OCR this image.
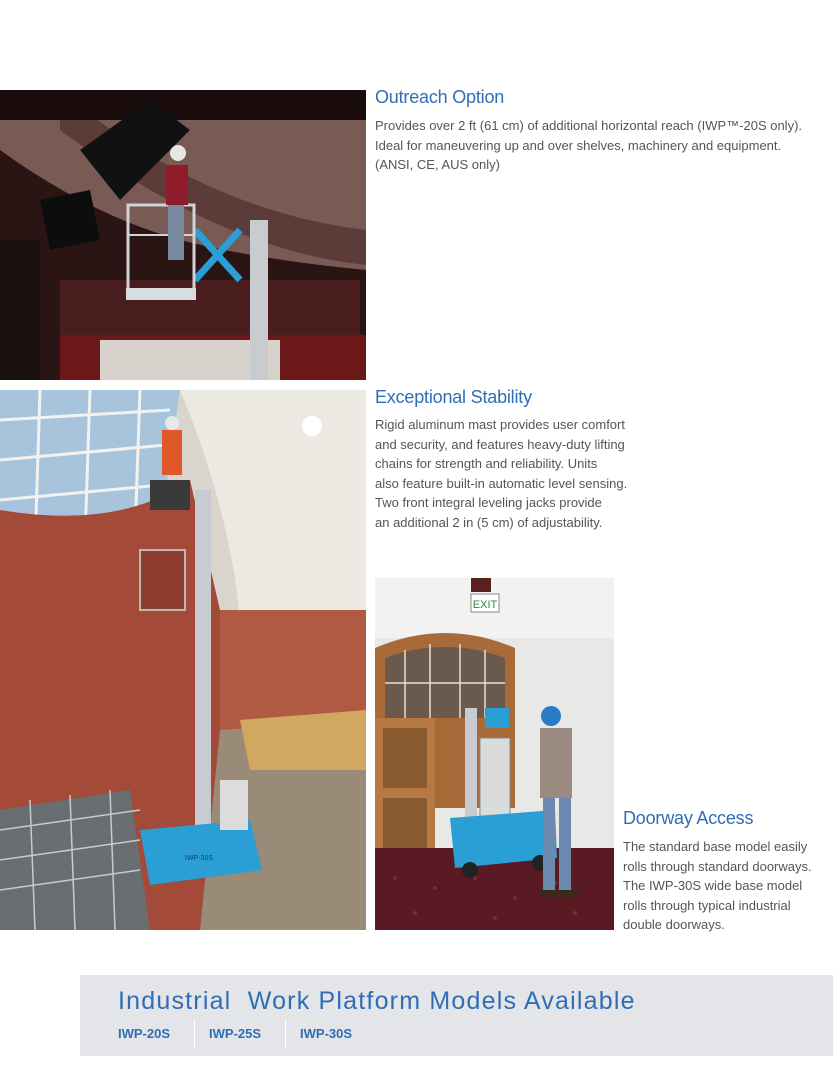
Outreach Option

Provides over 2 ft (61 cm) of additional horizontal reach (IWP™-20S only).
Ideal for maneuvering up and over shelves, machinery and equipment.
(ANSI, CE, AUS only)

IWP-30S
Exceptional Stability

Rigid aluminum mast provides user comfort
and security, and features heavy-duty lifting
chains for strength and reliability. Units
also feature built-in automatic level sensing.
Two front integral leveling jacks provide
an additional 2 in (5 cm) of adjustability.

EXIT
Doorway Access

The standard base model easily
rolls through standard doorways.
The IWP-30S wide base model
rolls through typical industrial
double doorways.

Industrial  Work Platform Models Available
IWP-20S	IWP-25S	IWP-30S
